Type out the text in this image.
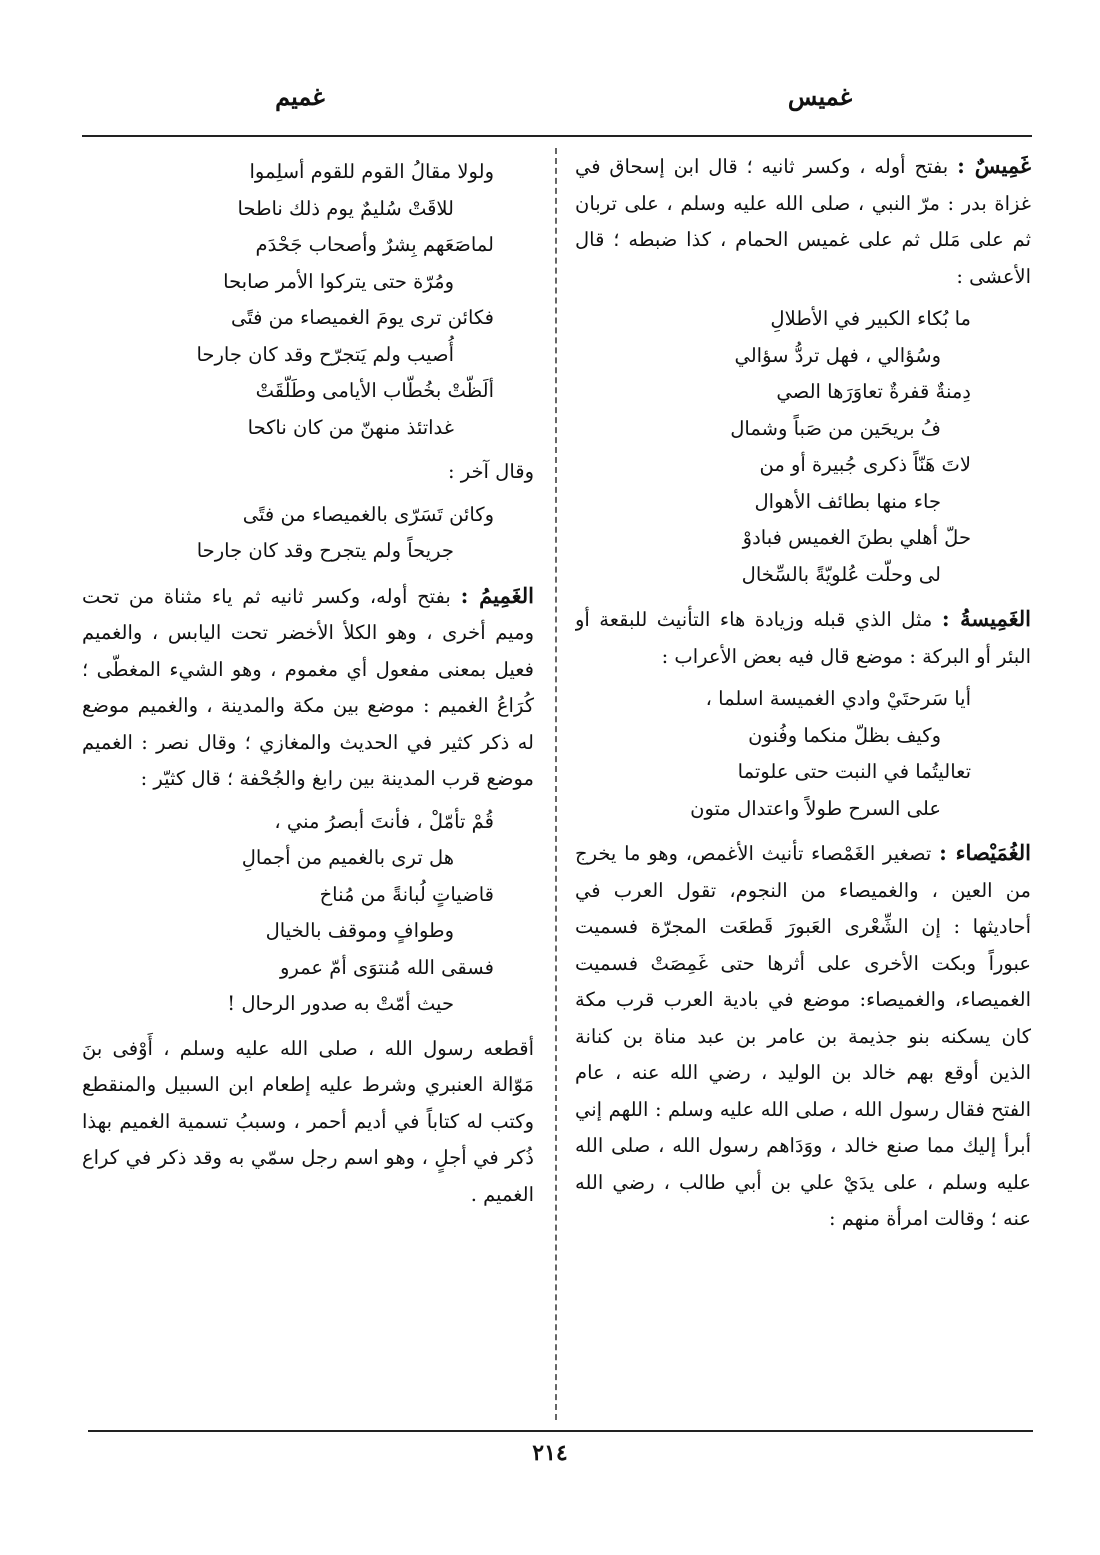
غميس
غميم

غَمِيسٌ : بفتح أوله ، وكسر ثانيه ؛ قال ابن إسحاق في غزاة بدر : مرّ النبي ، صلى الله عليه وسلم ، على تربان ثم على مَلل ثم على غميس الحمام ، كذا ضبطه ؛ قال الأعشى :

ما بُكاء الكبير في الأطلالِ
وسُؤالي ، فهل تردُّ سؤالي
دِمنةٌ قفرةٌ تعاوَرَها الصي
فُ بريحَين من صَباً وشمال
لاتَ هَنّاً ذكرى جُبيرة أو من
جاء منها بطائف الأهوال
حلّ أهلي بطنَ الغميس فبادوْ
لى وحلّت عُلويّةً بالسِّخال

الغَمِيسةُ : مثل الذي قبله وزيادة هاء التأنيث للبقعة أو البئر أو البركة : موضع قال فيه بعض الأعراب :

أيا سَرحتَيْ وادي الغميسة اسلما ،
وكيف بظلّ منكما وفُنون
تعاليتُما في النبت حتى علوتما
على السرح طولاً واعتدال متون

الغُمَيْصاء : تصغير الغَمْصاء تأنيث الأغمص، وهو ما يخرج من العين ، والغميصاء من النجوم، تقول العرب في أحاديثها : إن الشِّعْرى العَبورَ قَطعَت المجرّة فسميت عبوراً وبكت الأخرى على أثرها حتى غَمِصَتْ فسميت الغميصاء، والغميصاء: موضع في بادية العرب قرب مكة كان يسكنه بنو جذيمة بن عامر بن عبد مناة بن كنانة الذين أوقع بهم خالد بن الوليد ، رضي الله عنه ، عام الفتح فقال رسول الله ، صلى الله عليه وسلم : اللهم إني أبرأ إليك مما صنع خالد ، ووَدَاهم رسول الله ، صلى الله عليه وسلم ، على يدَيْ علي بن أبي طالب ، رضي الله عنه ؛ وقالت امرأة منهم :

ولولا مقالُ القوم للقوم أسلِموا
للاقَتْ سُليمٌ يوم ذلك ناطحا
لماصَعَهم بِشرٌ وأصحاب جَحْدَم
ومُرّة حتى يتركوا الأمر صابحا
فكائن ترى يومَ الغميصاء من فتًى
أُصيب ولم يَتجرّح وقد كان جارحا
ألَظّتْ بخُطّاب الأيامى وطَلّقَتْ
غداتئذ منهنّ من كان ناكحا

وقال آخر :

وكائن تَسَرّى بالغميصاء من فتًى
جريحاً ولم يتجرح وقد كان جارحا

الغَمِيمُ : بفتح أوله، وكسر ثانيه ثم ياء مثناة من تحت وميم أخرى ، وهو الكلأ الأخضر تحت اليابس ، والغميم فعيل بمعنى مفعول أي مغموم ، وهو الشيء المغطّى ؛ كُرَاعُ الغميم : موضع بين مكة والمدينة ، والغميم موضع له ذكر كثير في الحديث والمغازي ؛ وقال نصر : الغميم موضع قرب المدينة بين رابغ والجُحْفة ؛ قال كثيّر :

قُمْ تأمّلْ ، فأنتَ أبصرُ مني ،
هل ترى بالغميم من أجمالِ
قاضياتٍ لُبانةً من مُناخ
وطوافٍ وموقف بالخيال
فسقى الله مُنتوَى أمّ عمرو
حيث أمّتْ به صدور الرحال !

أقطعه رسول الله ، صلى الله عليه وسلم ، أَوْفى بنَ مَوّالة العنبري وشرط عليه إطعام ابن السبيل والمنقطع وكتب له كتاباً في أديم أحمر ، وسببُ تسمية الغميم بهذا ذُكر في أجلٍ ، وهو اسم رجل سمّي به وقد ذكر في كراع الغميم .

٢١٤
